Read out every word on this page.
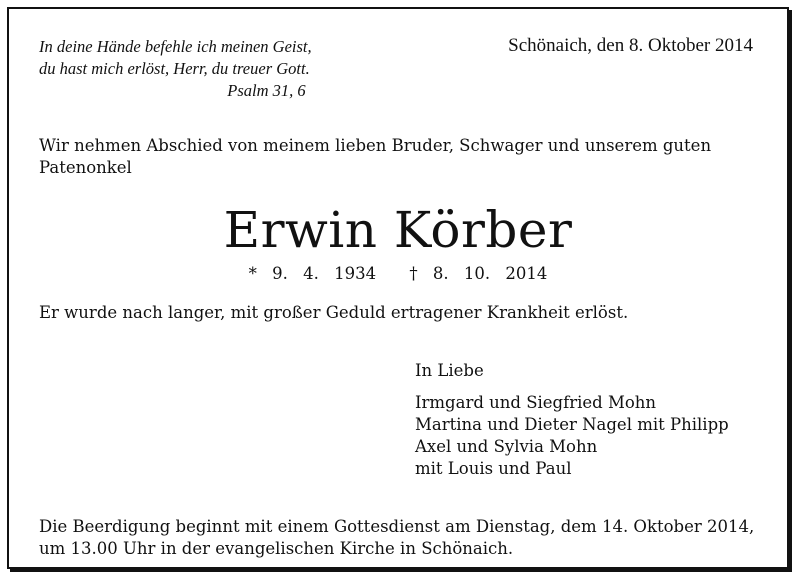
In deine Hände befehle ich meinen Geist,
du hast mich erlöst, Herr, du treuer Gott.
Psalm 31, 6
Schönaich, den 8. Oktober 2014
Wir nehmen Abschied von meinem lieben Bruder, Schwager und unserem guten Patenonkel
Erwin Körber
* 9. 4. 1934 † 8. 10. 2014
Er wurde nach langer, mit großer Geduld ertragener Krankheit erlöst.
In Liebe
Irmgard und Siegfried Mohn
Martina und Dieter Nagel mit Philipp
Axel und Sylvia Mohn
mit Louis und Paul
Die Beerdigung beginnt mit einem Gottesdienst am Dienstag, dem 14. Oktober 2014, um 13.00 Uhr in der evangelischen Kirche in Schönaich.
